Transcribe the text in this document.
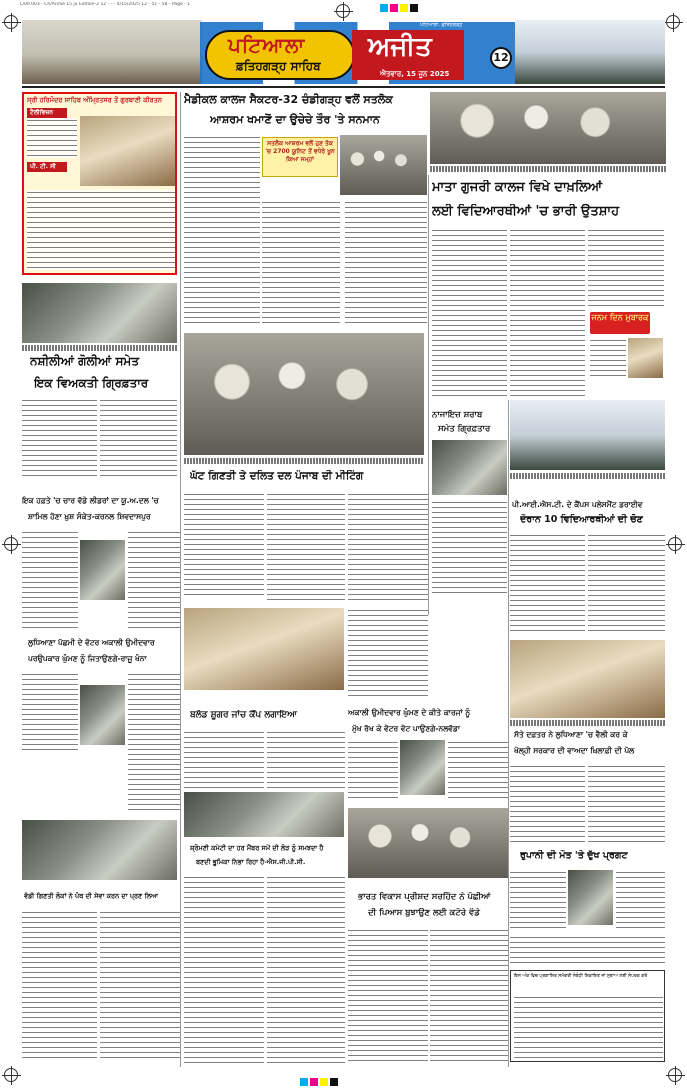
L/00 003 - Ch/An/Se 15 ju Edition-2 12 - - - 4/15/2025 12 - 51 - 58 - Page - 1
ਪਟਿਆਲਾ
ਫ਼ਤਿਹਗੜ੍ਹ ਸਾਹਿਬ
ਅਜੀਤ
ਪਟਿਆਲਾ, ਫ਼ਤਿਹਗੜ੍ਹ
ਐਤਵਾਰ, 15 ਜੂਨ 2025
12
ਸ੍ਰੀ ਹਰਿਮੰਦਰ ਸਾਹਿਬ ਅੰਮ੍ਰਿਤਸਰ ਤੋਂ ਗੁਰਬਾਣੀ ਕੀਰਤਨ
ਟੈਲੀਵਿਜ਼ਨ
ਪੀ. ਟੀ. ਸੀ
ਮੈਡੀਕਲ ਕਾਲਜ ਸੈਕਟਰ-32 ਚੰਡੀਗੜ੍ਹ ਵਲੋਂ ਸਤਲੋਕ
ਆਸ਼ਰਮ ਖਮਾਣੋਂ ਦਾ ਉਚੇਚੇ ਤੌਰ 'ਤੇ ਸਨਮਾਨ
ਸਤਲੋਕ ਆਸ਼ਰਮ ਵਲੋਂ ਹੁਣ ਤੱਕ 'ਚ 2700 ਯੂਨਿਟ ਤੋਂ ਵਧੇਰੇ ਖੂਨ ਕਿਆ ਜਮ੍ਹਾਂ
ਮਾਤਾ ਗੁਜਰੀ ਕਾਲਜ ਵਿਖੇ ਦਾਖ਼ਲਿਆਂ
ਲਈ ਵਿਦਿਆਰਥੀਆਂ 'ਚ ਭਾਰੀ ਉਤਸ਼ਾਹ
ਜਨਮ ਦਿਨ ਮੁਬਾਰਕ
ਨਸ਼ੀਲੀਆਂ ਗੋਲੀਆਂ ਸਮੇਤ
ਇਕ ਵਿਅਕਤੀ ਗ੍ਰਿਫ਼ਤਾਰ
ਘੱਟ ਗਿਣਤੀ ਤੇ ਦਲਿਤ ਦਲ ਪੰਜਾਬ ਦੀ ਮੀਟਿੰਗ
ਨਾਜਾਇਜ਼ ਸ਼ਰਾਬ
ਸਮੇਤ ਗ੍ਰਿਫ਼ਤਾਰ
ਪੀ.ਆਈ.ਐਸ.ਟੀ. ਦੇ ਕੈਂਪਸ ਪਲੇਸਮੈਂਟ ਡਰਾਈਵ
ਦੌਰਾਨ 10 ਵਿਦਿਆਰਥੀਆਂ ਦੀ ਚੋਣ
ਇਕ ਹਫ਼ਤੇ 'ਚ ਚਾਰ ਵੱਡੇ ਲੀਡਰਾਂ ਦਾ ਯੂ.ਅ.ਦਲ 'ਚ
ਸ਼ਾਮਿਲ ਹੋਣਾ ਖ਼ੁਸ਼ ਸੰਕੇਤ-ਕਰਨਲ ਸ਼ਿਵਦਾਸਪੁਰ
ਲੁਧਿਆਣਾ ਪੱਛਮੀ ਦੇ ਵੋਟਰ ਅਕਾਲੀ ਉਮੀਦਵਾਰ
ਪਰਉਪਕਾਰ ਘੁੰਮਣ ਨੂੰ ਜਿਤਾਉਣਗੇ-ਰਾਜੂ ਖੰਨਾ
ਬਲੱਡ ਸ਼ੂਗਰ ਜਾਂਚ ਕੈਂਪ ਲਗਾਇਆ	ਅਕਾਲੀ ਉਮੀਦਵਾਰ ਘੁੰਮਣ ਦੇ ਕੀਤੇ ਕਾਰਜਾਂ ਨੂੰ
ਮੁੱਖ ਰੱਖ ਕੇ ਵੋਟਰ ਵੋਟ ਪਾਉਣਗੇ-ਨਲਵੱਡਾ
ਸੱਤੇ ਦਫ਼ਤਰ ਨੇ ਲੁਧਿਆਣਾ 'ਚ ਵੈਲੀ ਕਰ ਕੇ
ਖੋਲ੍ਹੀ ਸਰਕਾਰ ਦੀ ਵਾਅਦਾ ਖ਼ਿਲਾਫ਼ੀ ਦੀ ਪੋਲ
ਸ਼੍ਰੋਮਣੀ ਕਮੇਟੀ ਦਾ ਹਰ ਮੈਂਬਰ ਸਮੇਂ ਦੀ ਲੋੜ ਨੂੰ ਸਮਝਦਾ ਹੈ
ਬਣਦੀ ਭੂਮਿਕਾ ਨਿਭਾ ਰਿਹਾ ਹੈ-ਐਸ.ਜੀ.ਪੀ.ਸੀ.
ਭਾਰਤ ਵਿਕਾਸ ਪ੍ਰੀਸ਼ਦ ਸਰਹਿੰਦ ਨੇ ਪੰਛੀਆਂ
ਦੀ ਪਿਆਸ ਬੁਝਾਉਣ ਲਈ ਕਟੋਰੇ ਵੰਡੇ
ਰੁਪਾਨੀ ਦੀ ਮੌਤ 'ਤੇ ਦੁੱਖ ਪ੍ਰਗਟ
ਵੱਡੀ ਗਿਣਤੀ ਲੋਕਾਂ ਨੇ ਪੰਥ ਦੀ ਸੇਵਾ ਕਰਨ ਦਾ ਪ੍ਰਣ ਲਿਆ
ਇਸ ਅੰਕ ਵਿਚ ਪ੍ਰਕਾਸ਼ਿਤ ਸਮੱਗਰੀ ਸੰਬੰਧੀ ਸ਼ਿਕਾਇਤ ਜਾਂ ਸੁਝਾਅ ਲਈ ਸੰਪਰਕ ਕਰੋ
